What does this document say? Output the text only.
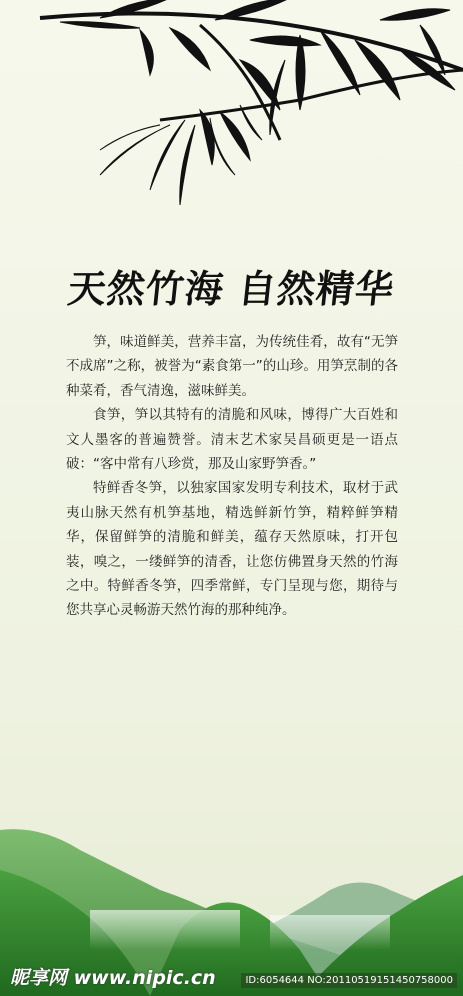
天然竹海 自然精华

笋，味道鲜美，营养丰富，为传统佳肴，故有“无笋不成席”之称，被誉为“素食第一”的山珍。用笋烹制的各种菜肴，香气清逸，滋味鲜美。

食笋，笋以其特有的清脆和风味，博得广大百姓和文人墨客的普遍赞誉。清末艺术家吴昌硕更是一语点破：“客中常有八珍赏，那及山家野笋香。”

特鲜香冬笋，以独家国家发明专利技术，取材于武夷山脉天然有机笋基地，精选鲜新竹笋，精粹鲜笋精华，保留鲜笋的清脆和鲜美，蕴存天然原味，打开包装，嗅之，一缕鲜笋的清香，让您仿佛置身天然的竹海之中。特鲜香冬笋，四季常鲜，专门呈现与您，期待与您共享心灵畅游天然竹海的那种纯净。

昵享网 www.nipic.cn	ID:6054644 NO:20110519151450758000
